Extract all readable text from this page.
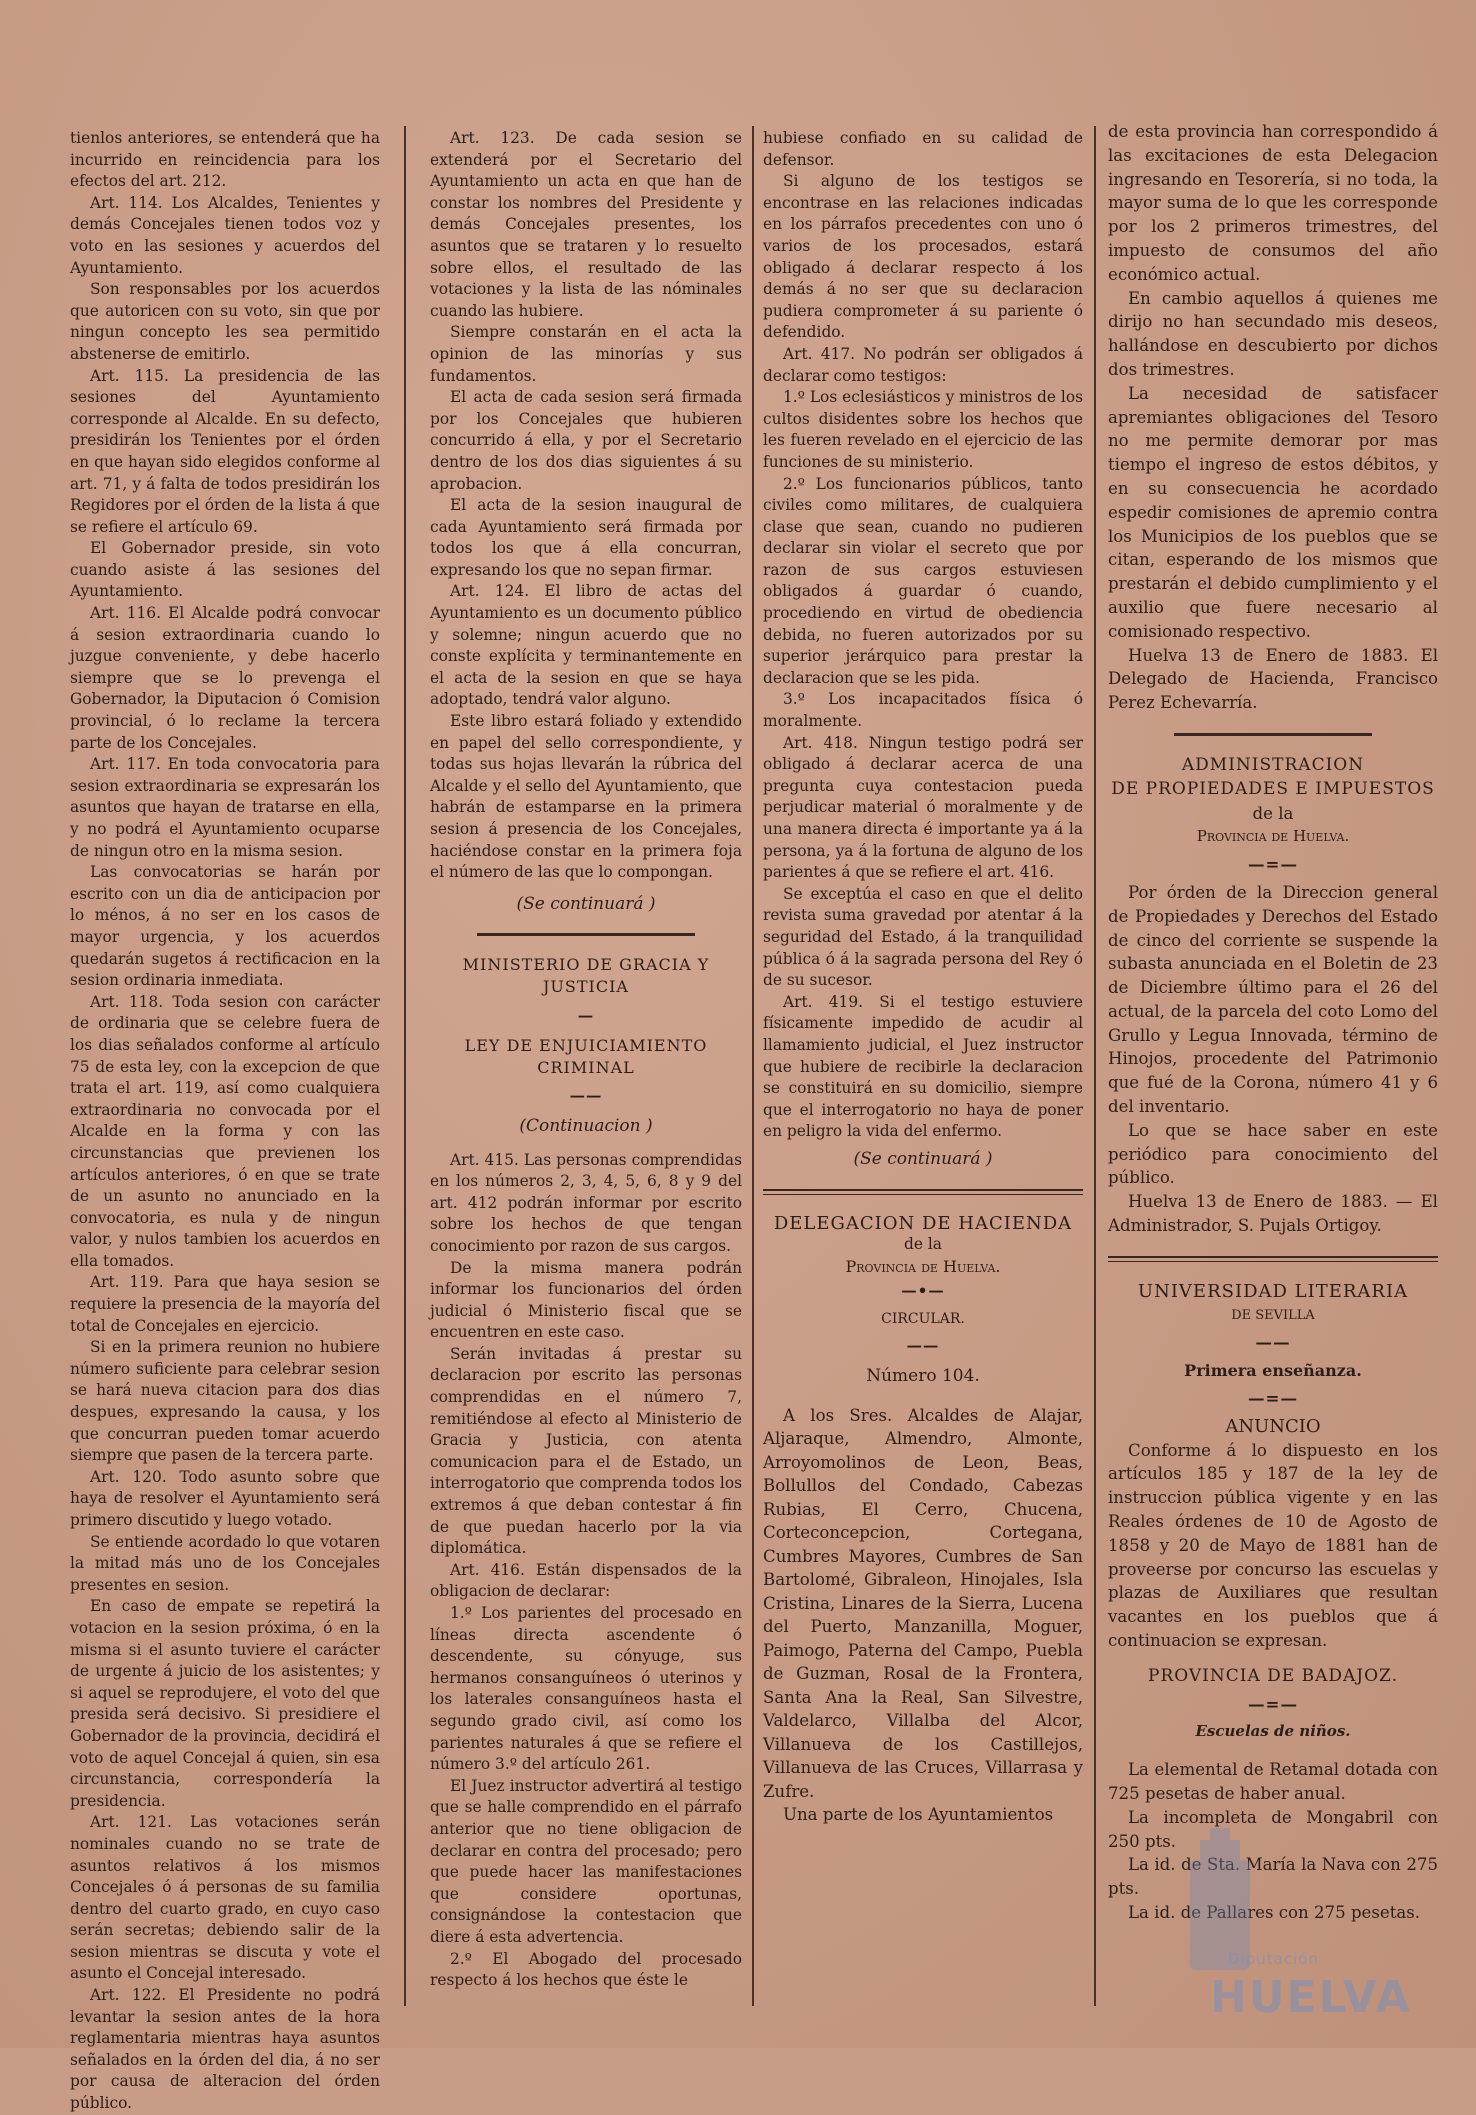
tienlos anteriores, se entenderá que ha incurrido en reincidencia para los efectos del art. 212.

Art. 114. Los Alcaldes, Tenientes y demás Concejales tienen todos voz y voto en las sesiones y acuerdos del Ayuntamiento.

Son responsables por los acuerdos que autoricen con su voto, sin que por ningun concepto les sea permitido abstenerse de emitirlo.

Art. 115. La presidencia de las sesiones del Ayuntamiento corresponde al Alcalde. En su defecto, presidirán los Tenientes por el órden en que hayan sido elegidos conforme al art. 71, y á falta de todos presidirán los Regidores por el órden de la lista á que se refiere el artículo 69.

El Gobernador preside, sin voto cuando asiste á las sesiones del Ayuntamiento.

Art. 116. El Alcalde podrá convocar á sesion extraordinaria cuando lo juzgue conveniente, y debe hacerlo siempre que se lo prevenga el Gobernador, la Diputacion ó Comision provincial, ó lo reclame la tercera parte de los Concejales.

Art. 117. En toda convocatoria para sesion extraordinaria se expresarán los asuntos que hayan de tratarse en ella, y no podrá el Ayuntamiento ocuparse de ningun otro en la misma sesion.

Las convocatorias se harán por escrito con un dia de anticipacion por lo ménos, á no ser en los casos de mayor urgencia, y los acuerdos quedarán sugetos á rectificacion en la sesion ordinaria inmediata.

Art. 118. Toda sesion con carácter de ordinaria que se celebre fuera de los dias señalados conforme al artículo 75 de esta ley, con la excepcion de que trata el art. 119, así como cualquiera extraordinaria no convocada por el Alcalde en la forma y con las circunstancias que previenen los artículos anteriores, ó en que se trate de un asunto no anunciado en la convocatoria, es nula y de ningun valor, y nulos tambien los acuerdos en ella tomados.

Art. 119. Para que haya sesion se requiere la presencia de la mayoría del total de Concejales en ejercicio.

Si en la primera reunion no hubiere número suficiente para celebrar sesion se hará nueva citacion para dos dias despues, expresando la causa, y los que concurran pueden tomar acuerdo siempre que pasen de la tercera parte.

Art. 120. Todo asunto sobre que haya de resolver el Ayuntamiento será primero discutido y luego votado.

Se entiende acordado lo que votaren la mitad más uno de los Concejales presentes en sesion.

En caso de empate se repetirá la votacion en la sesion próxima, ó en la misma si el asunto tuviere el carácter de urgente á juicio de los asistentes; y si aquel se reprodujere, el voto del que presida será decisivo. Si presidiere el Gobernador de la provincia, decidirá el voto de aquel Concejal á quien, sin esa circunstancia, correspondería la presidencia.

Art. 121. Las votaciones serán nominales cuando no se trate de asuntos relativos á los mismos Concejales ó á personas de su familia dentro del cuarto grado, en cuyo caso serán secretas; debiendo salir de la sesion mientras se discuta y vote el asunto el Concejal interesado.

Art. 122. El Presidente no podrá levantar la sesion antes de la hora reglamentaria mientras haya asuntos señalados en la órden del dia, á no ser por causa de alteracion del órden público.

Art. 123. De cada sesion se extenderá por el Secretario del Ayuntamiento un acta en que han de constar los nombres del Presidente y demás Concejales presentes, los asuntos que se trataren y lo resuelto sobre ellos, el resultado de las votaciones y la lista de las nóminales cuando las hubiere.

Siempre constarán en el acta la opinion de las minorías y sus fundamentos.

El acta de cada sesion será firmada por los Concejales que hubieren concurrido á ella, y por el Secretario dentro de los dos dias siguientes á su aprobacion.

El acta de la sesion inaugural de cada Ayuntamiento será firmada por todos los que á ella concurran, expresando los que no sepan firmar.

Art. 124. El libro de actas del Ayuntamiento es un documento público y solemne; ningun acuerdo que no conste explícita y terminantemente en el acta de la sesion en que se haya adoptado, tendrá valor alguno.

Este libro estará foliado y extendido en papel del sello correspondiente, y todas sus hojas llevarán la rúbrica del Alcalde y el sello del Ayuntamiento, que habrán de estamparse en la primera sesion á presencia de los Concejales, haciéndose constar en la primera foja el número de las que lo compongan.

(Se continuará )

MINISTERIO DE GRACIA Y JUSTICIA

—

LEY DE ENJUICIAMIENTO CRIMINAL

——

(Continuacion )

Art. 415. Las personas comprendidas en los números 2, 3, 4, 5, 6, 8 y 9 del art. 412 podrán informar por escrito sobre los hechos de que tengan conocimiento por razon de sus cargos.

De la misma manera podrán informar los funcionarios del órden judicial ó Ministerio fiscal que se encuentren en este caso.

Serán invitadas á prestar su declaracion por escrito las personas comprendidas en el número 7, remitiéndose al efecto al Ministerio de Gracia y Justicia, con atenta comunicacion para el de Estado, un interrogatorio que comprenda todos los extremos á que deban contestar á fin de que puedan hacerlo por la via diplomática.

Art. 416. Están dispensados de la obligacion de declarar:

1.º Los parientes del procesado en líneas directa ascendente ó descendente, su cónyuge, sus hermanos consanguíneos ó uterinos y los laterales consanguíneos hasta el segundo grado civil, así como los parientes naturales á que se refiere el número 3.º del artículo 261.

El Juez instructor advertirá al testigo que se halle comprendido en el párrafo anterior que no tiene obligacion de declarar en contra del procesado; pero que puede hacer las manifestaciones que considere oportunas, consignándose la contestacion que diere á esta advertencia.

2.º El Abogado del procesado respecto á los hechos que éste le

hubiese confiado en su calidad de defensor.

Si alguno de los testigos se encontrase en las relaciones indicadas en los párrafos precedentes con uno ó varios de los procesados, estará obligado á declarar respecto á los demás á no ser que su declaracion pudiera comprometer á su pariente ó defendido.

Art. 417. No podrán ser obligados á declarar como testigos:

1.º Los eclesiásticos y ministros de los cultos disidentes sobre los hechos que les fueren revelado en el ejercicio de las funciones de su ministerio.

2.º Los funcionarios públicos, tanto civiles como militares, de cualquiera clase que sean, cuando no pudieren declarar sin violar el secreto que por razon de sus cargos estuviesen obligados á guardar ó cuando, procediendo en virtud de obediencia debida, no fueren autorizados por su superior jerárquico para prestar la declaracion que se les pida.

3.º Los incapacitados física ó moralmente.

Art. 418. Ningun testigo podrá ser obligado á declarar acerca de una pregunta cuya contestacion pueda perjudicar material ó moralmente y de una manera directa é importante ya á la persona, ya á la fortuna de alguno de los parientes á que se refiere el art. 416.

Se exceptúa el caso en que el delito revista suma gravedad por atentar á la seguridad del Estado, á la tranquilidad pública ó á la sagrada persona del Rey ó de su sucesor.

Art. 419. Si el testigo estuviere físicamente impedido de acudir al llamamiento judicial, el Juez instructor que hubiere de recibirle la declaracion se constituirá en su domicilio, siempre que el interrogatorio no haya de poner en peligro la vida del enfermo.

(Se continuará )

DELEGACION DE HACIENDA

de la

Provincia de Huelva.

—•—

CIRCULAR.

——

Número 104.

A los Sres. Alcaldes de Alajar, Aljaraque, Almendro, Almonte, Arroyomolinos de Leon, Beas, Bollullos del Condado, Cabezas Rubias, El Cerro, Chucena, Corteconcepcion, Cortegana, Cumbres Mayores, Cumbres de San Bartolomé, Gibraleon, Hinojales, Isla Cristina, Linares de la Sierra, Lucena del Puerto, Manzanilla, Moguer, Paimogo, Paterna del Campo, Puebla de Guzman, Rosal de la Frontera, Santa Ana la Real, San Silvestre, Valdelarco, Villalba del Alcor, Villanueva de los Castillejos, Villanueva de las Cruces, Villarrasa y Zufre.

Una parte de los Ayuntamientos

de esta provincia han correspondido á las excitaciones de esta Delegacion ingresando en Tesorería, si no toda, la mayor suma de lo que les corresponde por los 2 primeros trimestres, del impuesto de consumos del año económico actual.

En cambio aquellos á quienes me dirijo no han secundado mis deseos, hallándose en descubierto por dichos dos trimestres.

La necesidad de satisfacer apremiantes obligaciones del Tesoro no me permite demorar por mas tiempo el ingreso de estos débitos, y en su consecuencia he acordado espedir comisiones de apremio contra los Municipios de los pueblos que se citan, esperando de los mismos que prestarán el debido cumplimiento y el auxilio que fuere necesario al comisionado respectivo.

Huelva 13 de Enero de 1883. El Delegado de Hacienda, Francisco Perez Echevarría.

ADMINISTRACION

DE PROPIEDADES E IMPUESTOS

de la

Provincia de Huelva.

—=—

Por órden de la Direccion general de Propiedades y Derechos del Estado de cinco del corriente se suspende la subasta anunciada en el Boletin de 23 de Diciembre último para el 26 del actual, de la parcela del coto Lomo del Grullo y Legua Innovada, término de Hinojos, procedente del Patrimonio que fué de la Corona, número 41 y 6 del inventario.

Lo que se hace saber en este periódico para conocimiento del público.

Huelva 13 de Enero de 1883. — El Administrador, S. Pujals Ortigoy.

UNIVERSIDAD LITERARIA

DE SEVILLA

——

Primera enseñanza.

—=—

ANUNCIO

Conforme á lo dispuesto en los artículos 185 y 187 de la ley de instruccion pública vigente y en las Reales órdenes de 10 de Agosto de 1858 y 20 de Mayo de 1881 han de proveerse por concurso las escuelas y plazas de Auxiliares que resultan vacantes en los pueblos que á continuacion se expresan.

PROVINCIA DE BADAJOZ.

—=—

Escuelas de niños.

La elemental de Retamal dotada con 725 pesetas de haber anual.

La incompleta de Mongabril con 250 pts.

La id. de Sta. María la Nava con 275 pts.

La id. de Pallares con 275 pesetas.

Diputación
HUELVA
